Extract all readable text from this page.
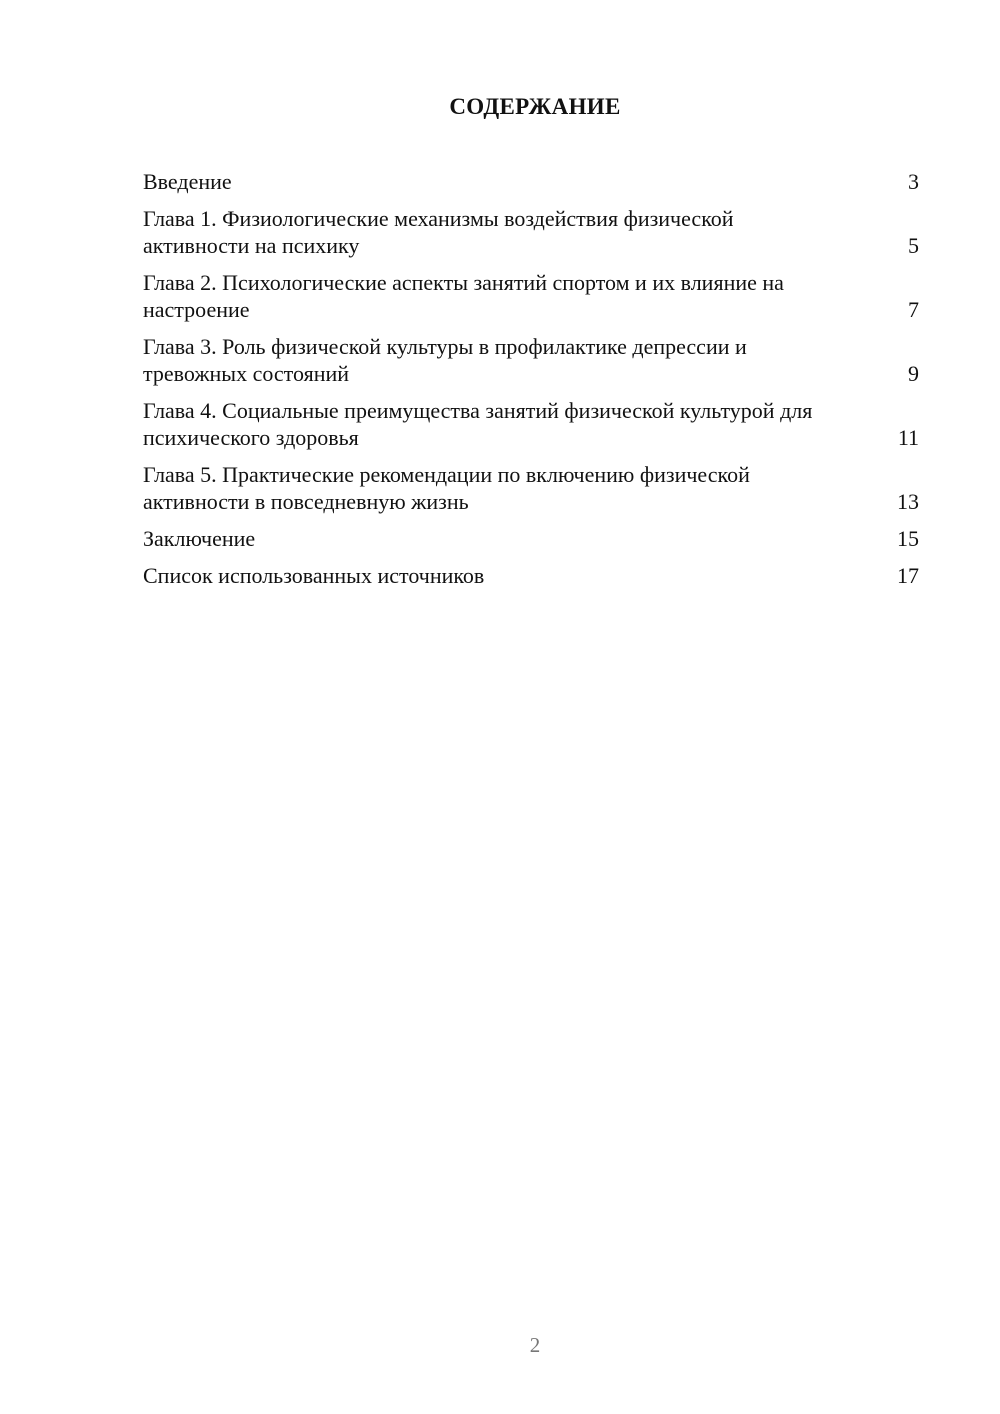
СОДЕРЖАНИЕ
Введение	3
Глава 1. Физиологические механизмы воздействия физической активности на психику	5
Глава 2. Психологические аспекты занятий спортом и их влияние на настроение	7
Глава 3. Роль физической культуры в профилактике депрессии и тревожных состояний	9
Глава 4. Социальные преимущества занятий физической культурой для психического здоровья	11
Глава 5. Практические рекомендации по включению физической активности в повседневную жизнь	13
Заключение	15
Список использованных источников	17
2
